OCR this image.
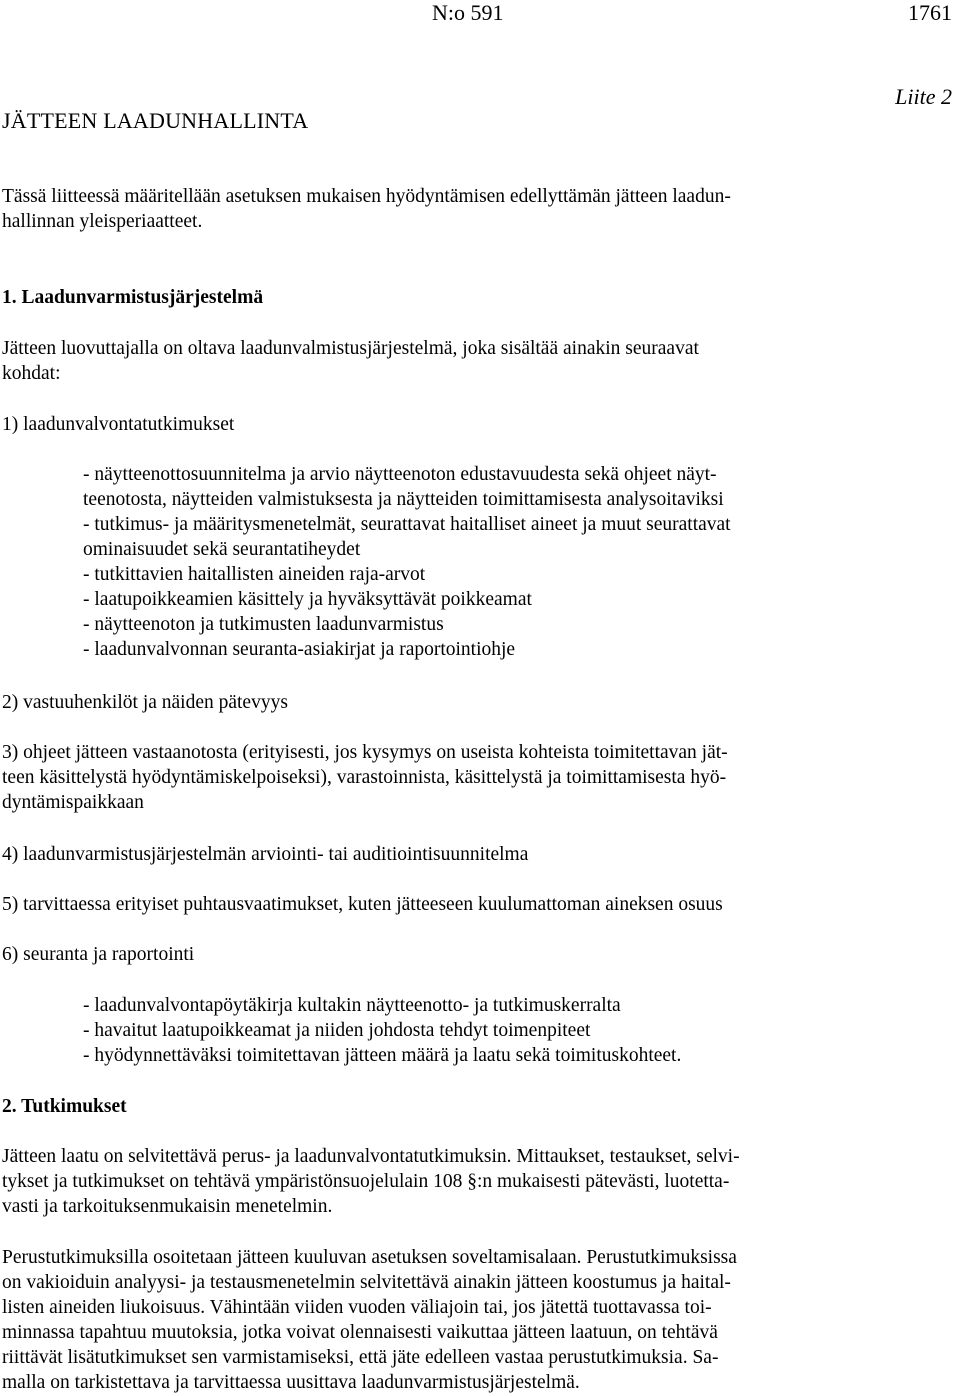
N:o 591	1761
Liite 2
JÄTTEEN LAADUNHALLINTA
Tässä liitteessä määritellään asetuksen mukaisen hyödyntämisen edellyttämän jätteen laadun-
hallinnan yleisperiaatteet.
1. Laadunvarmistusjärjestelmä
Jätteen luovuttajalla on oltava laadunvalmistusjärjestelmä, joka sisältää ainakin seuraavat
kohdat:
1) laadunvalvontatutkimukset
- näytteenottosuunnitelma ja arvio näytteenoton edustavuudesta sekä ohjeet näyt-
teenotosta, näytteiden valmistuksesta ja näytteiden toimittamisesta analysoitaviksi
- tutkimus- ja määritysmenetelmät, seurattavat haitalliset aineet ja muut seurattavat
ominaisuudet sekä seurantatiheydet
- tutkittavien haitallisten aineiden raja-arvot
- laatupoikkeamien käsittely ja hyväksyttävät poikkeamat
- näytteenoton ja tutkimusten laadunvarmistus
- laadunvalvonnan seuranta-asiakirjat ja raportointiohje
2) vastuuhenkilöt ja näiden pätevyys
3) ohjeet jätteen vastaanotosta (erityisesti, jos kysymys on useista kohteista toimitettavan jät-
teen käsittelystä hyödyntämiskelpoiseksi), varastoinnista, käsittelystä ja toimittamisesta hyö-
dyntämispaikkaan
4) laadunvarmistusjärjestelmän arviointi- tai auditiointisuunnitelma
5) tarvittaessa erityiset puhtausvaatimukset, kuten jätteeseen kuulumattoman aineksen osuus
6) seuranta ja raportointi
- laadunvalvontapöytäkirja kultakin näytteenotto- ja tutkimuskerralta
- havaitut laatupoikkeamat ja niiden johdosta tehdyt toimenpiteet
- hyödynnettäväksi toimitettavan jätteen määrä ja laatu sekä toimituskohteet.
2. Tutkimukset
Jätteen laatu on selvitettävä perus- ja laadunvalvontatutkimuksin. Mittaukset, testaukset, selvi-
tykset ja tutkimukset on tehtävä ympäristönsuojelulain 108 §:n mukaisesti pätevästi, luotetta-
vasti ja tarkoituksenmukaisin menetelmin.
Perustutkimuksilla osoitetaan jätteen kuuluvan asetuksen soveltamisalaan. Perustutkimuksissa
on vakioiduin analyysi- ja testausmenetelmin selvitettävä ainakin jätteen koostumus ja haital-
listen aineiden liukoisuus. Vähintään viiden vuoden väliajoin tai, jos jätettä tuottavassa toi-
minnassa tapahtuu muutoksia, jotka voivat olennaisesti vaikuttaa jätteen laatuun, on tehtävä
riittävät lisätutkimukset sen varmistamiseksi, että jäte edelleen vastaa perustutkimuksia. Sa-
malla on tarkistettava ja tarvittaessa uusittava laadunvarmistusjärjestelmä.
